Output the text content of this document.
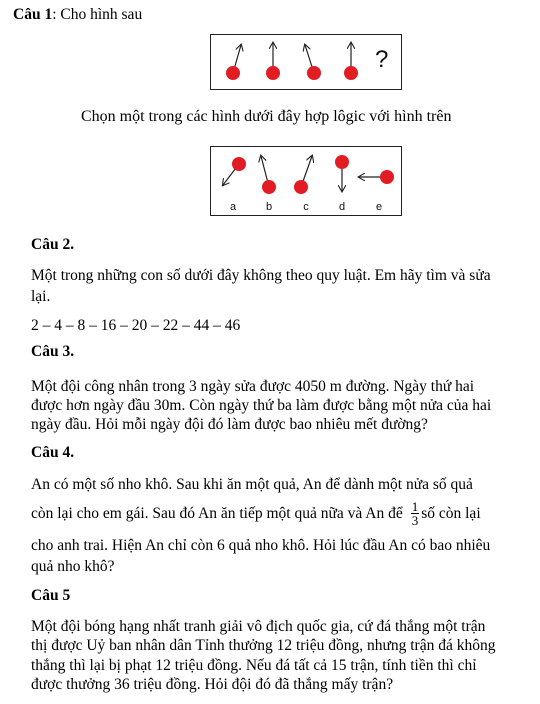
Câu 1: Cho hình sau
?
Chọn một trong các hình dưới đây hợp lôgic với hình trên
a	b	c	d	e
Câu 2.
Một trong những con số dưới đây không theo quy luật. Em hãy tìm và sửa
lại.
2 – 4 – 8 – 16 – 20 – 22 – 44 – 46
Câu 3.
Một đội công nhân trong 3 ngày sửa được 4050 m đường. Ngày thứ hai
được hơn ngày đầu 30m. Còn ngày thứ ba làm được bằng một nửa của hai
ngày đầu. Hỏi mỗi ngày đội đó làm được bao nhiêu mết đường?
Câu 4.
An có một số nho khô. Sau khi ăn một quả, An để dành một nửa số quả
còn lại cho em gái. Sau đó An ăn tiếp một quả nữa và An để $\frac{1}{3}$ số còn lại
cho anh trai. Hiện An chỉ còn 6 quả nho khô. Hỏi lúc đầu An có bao nhiêu
quả nho khô?
Câu 5
Một đội bóng hạng nhất tranh giải vô địch quốc gia, cứ đá thắng một trận
thị được Uỷ ban nhân dân Tỉnh thưởng 12 triệu đồng, nhưng trận đá không
thắng thì lại bị phạt 12 triệu đồng. Nếu đá tất cả 15 trận, tính tiền thì chỉ
được thưởng 36 triệu đồng. Hỏi đội đó đã thắng mấy trận?
